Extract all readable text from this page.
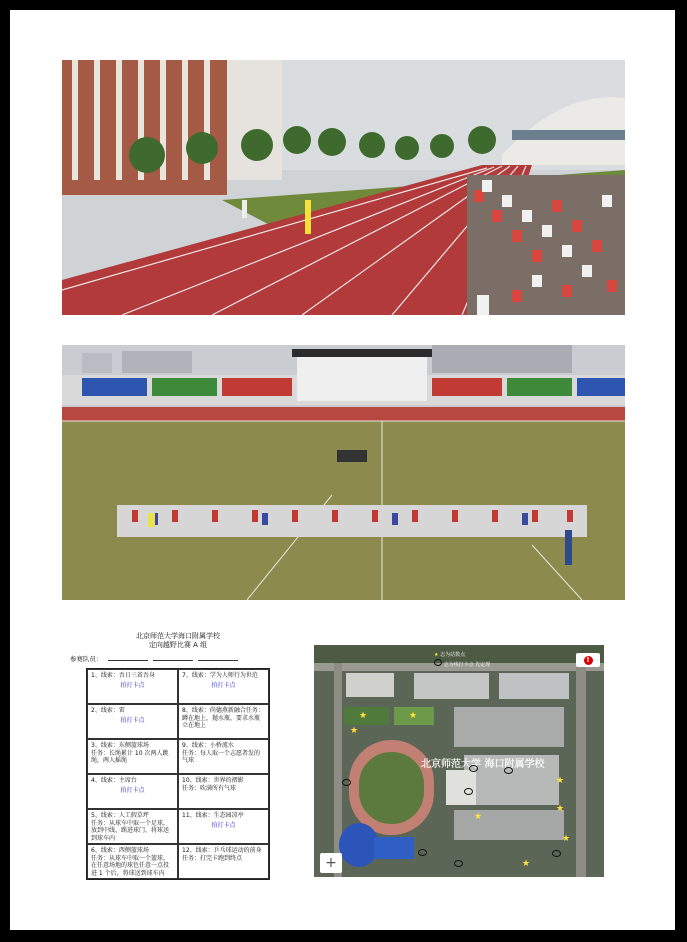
北京师范大学海口附属学校
定向越野比赛 A 组
参赛队员：
1、线索：吾日三省吾身
拍打卡点
7、线索：学为人师行为世范
拍打卡点
2、线索：雷
拍打卡点
8、线索：尚德燕新融合任务：蹲在地上，抛水瓶，要求水瓶立在地上
3、线索：东侧篮球场
任务：长绳累计 10 次两人跳绳，两人摇绳
9、线索：小桥流水
任务：每人取一个志愿者发的气球
4、线索：主席台
拍打卡点
10、线索：世界的褶影
任务：吹满所有气球
5、线索：人工假草坪
任务：从球车中取一个足球，放到中线，踢进球门，将球送到球车内
11、线索：生态园凉亭
拍打卡点
6、线索：西侧篮球场
任务：从球车中取一个篮球，在任意场地的球色任意一点投进 1 个后，将球送到球车内
12、线索：乒乓球运动的前身
任务：打完卡跑到终点
★ 志为站数点
志为线打卡点 先定现
!
北京师范大学 海口附属学校
+
★	★
★
★
★
★
★
★
